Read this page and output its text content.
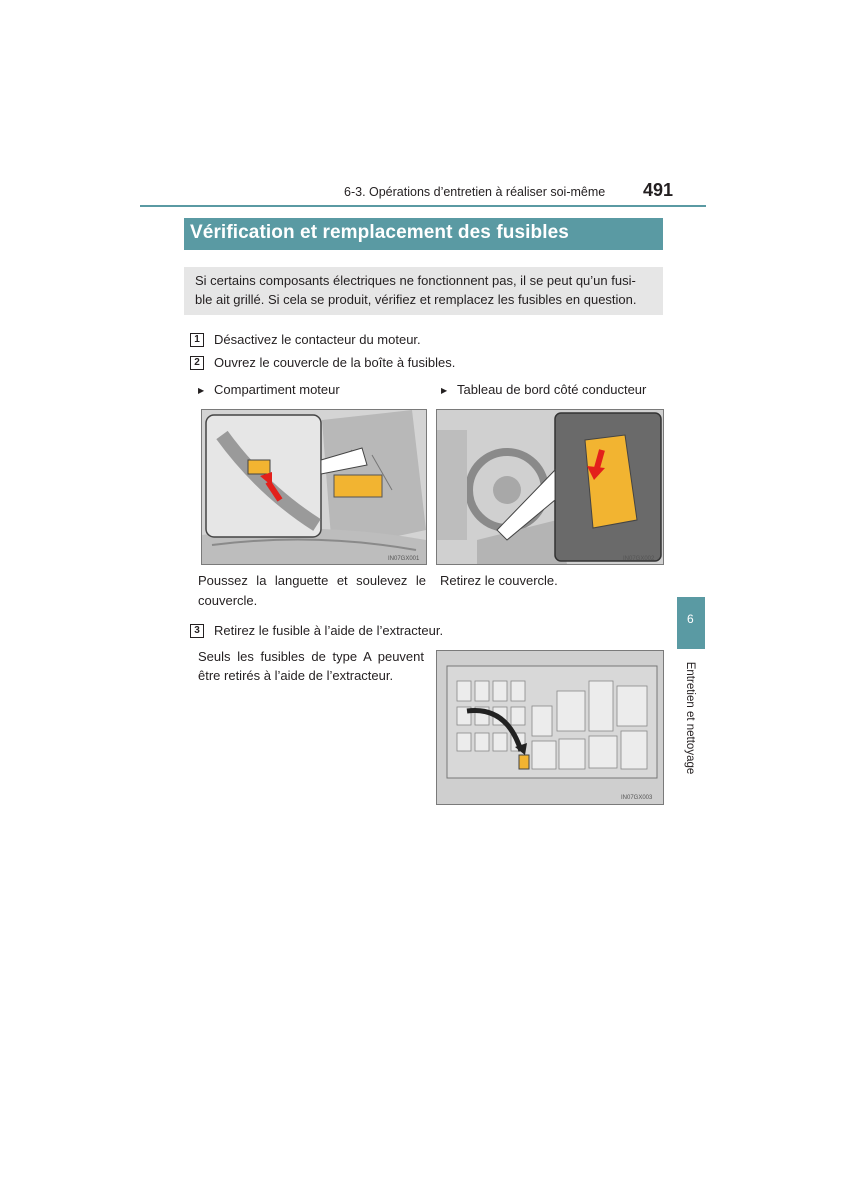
6-3. Opérations d’entretien à réaliser soi-même 491
Vérification et remplacement des fusibles
Si certains composants électriques ne fonctionnent pas, il se peut qu’un fusi-
ble ait grillé. Si cela se produit, vérifiez et remplacez les fusibles en question.
1	Désactivez le contacteur du moteur.
2	Ouvrez le couvercle de la boîte à fusibles.
▶ Compartiment moteur	▶ Tableau de bord côté conducteur
IN07GX001	IN07GX002
Poussez la languette et soulevez le
couvercle.
Retirez le couvercle.
3	Retirez le fusible à l’aide de l’extracteur.
Seuls les fusibles de type A peuvent
être retirés à l’aide de l’extracteur.
IN07GX003
6
Entretien et nettoyage
